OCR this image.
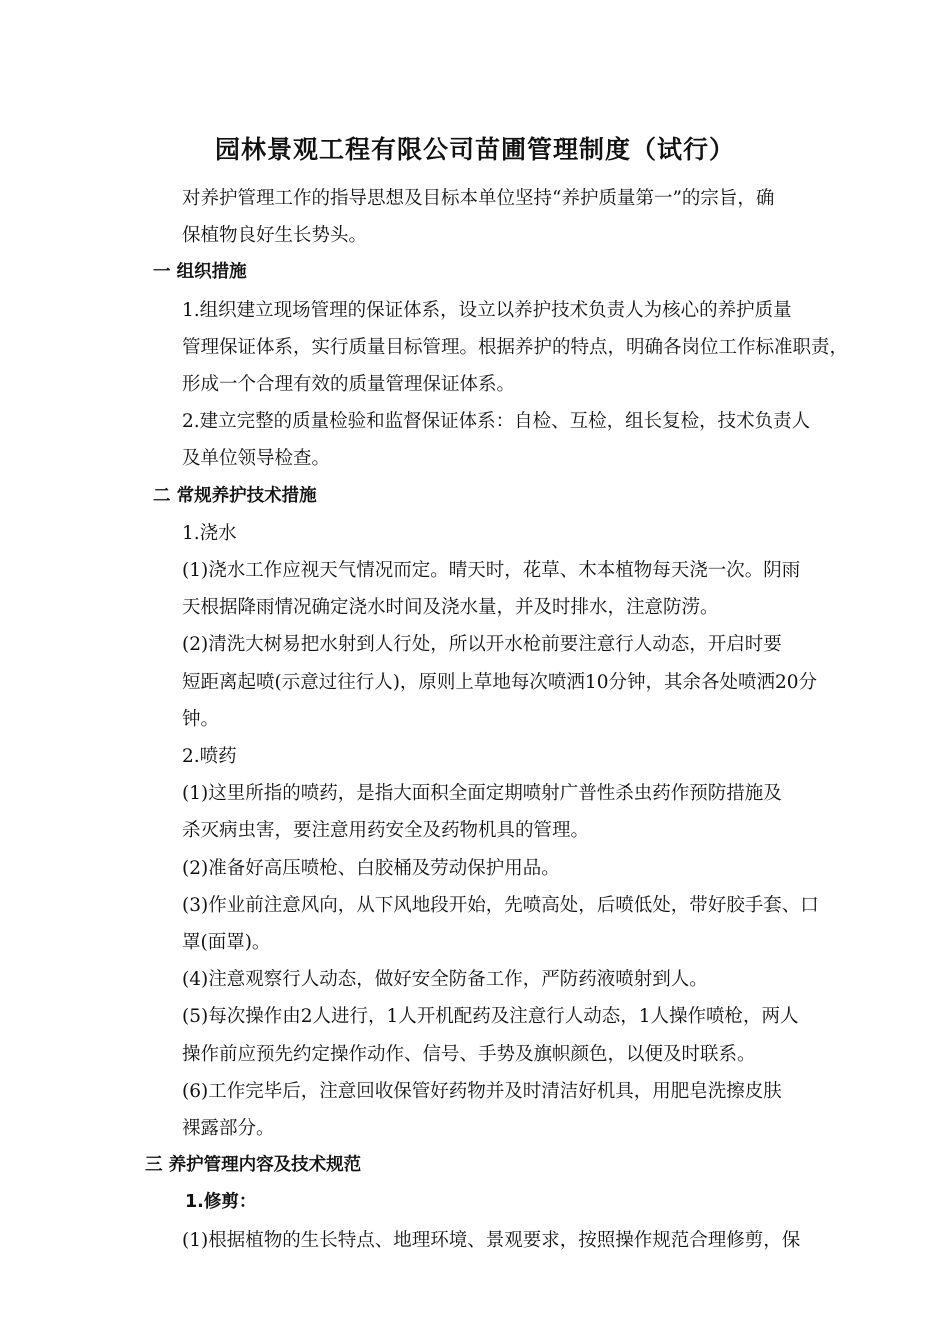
园林景观工程有限公司苗圃管理制度（试行）

对养护管理工作的指导思想及目标本单位坚持“养护质量第一”的宗旨，确
保植物良好生长势头。

一 组织措施

1.组织建立现场管理的保证体系，设立以养护技术负责人为核心的养护质量
管理保证体系，实行质量目标管理。根据养护的特点，明确各岗位工作标准职责，
形成一个合理有效的质量管理保证体系。

2.建立完整的质量检验和监督保证体系：自检、互检，组长复检，技术负责人
及单位领导检查。

二 常规养护技术措施

1.浇水

(1)浇水工作应视天气情况而定。晴天时，花草、木本植物每天浇一次。阴雨
天根据降雨情况确定浇水时间及浇水量，并及时排水，注意防涝。

(2)清洗大树易把水射到人行处，所以开水枪前要注意行人动态，开启时要
短距离起喷(示意过往行人)，原则上草地每次喷洒10分钟，其余各处喷洒20分
钟。

2.喷药

(1)这里所指的喷药，是指大面积全面定期喷射广普性杀虫药作预防措施及
杀灭病虫害，要注意用药安全及药物机具的管理。

(2)准备好高压喷枪、白胶桶及劳动保护用品。

(3)作业前注意风向，从下风地段开始，先喷高处，后喷低处，带好胶手套、口
罩(面罩)。

(4)注意观察行人动态，做好安全防备工作，严防药液喷射到人。

(5)每次操作由2人进行，1人开机配药及注意行人动态，1人操作喷枪，两人
操作前应预先约定操作动作、信号、手势及旗帜颜色，以便及时联系。

(6)工作完毕后，注意回收保管好药物并及时清洁好机具，用肥皂洗擦皮肤
裸露部分。

三 养护管理内容及技术规范

1.修剪：

(1)根据植物的生长特点、地理环境、景观要求，按照操作规范合理修剪，保
